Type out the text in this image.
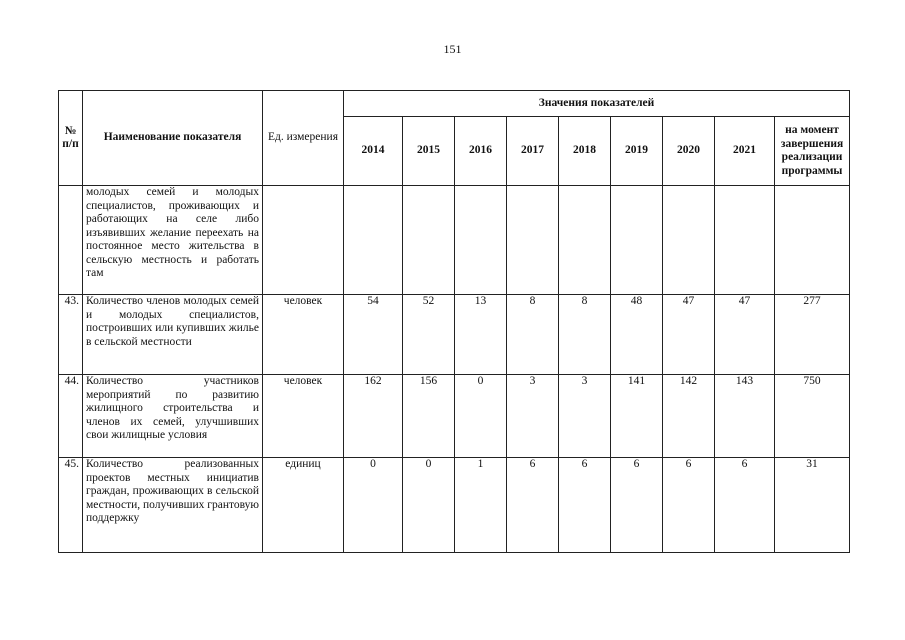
151
№ п/п	Наименование показателя	Ед. измерения	Значения показателей								
			2014	2015	2016	2017	2018	2019	2020	2021	на момент завершения реализации программы
	молодых семей и молодых специалистов, проживающих и работающих на селе либо изъявивших желание переехать на постоянное место жительства в сельскую местность и работать там										
43.	Количество членов молодых семей и молодых специалистов, построивших или купивших жилье в сельской местности	человек	54	52	13	8	8	48	47	47	277
44.	Количество участников мероприятий по развитию жилищного строительства и членов их семей, улучшивших свои жилищные условия	человек	162	156	0	3	3	141	142	143	750
45.	Количество реализованных проектов местных инициатив граждан, проживающих в сельской местности, получивших грантовую поддержку	единиц	0	0	1	6	6	6	6	6	31
